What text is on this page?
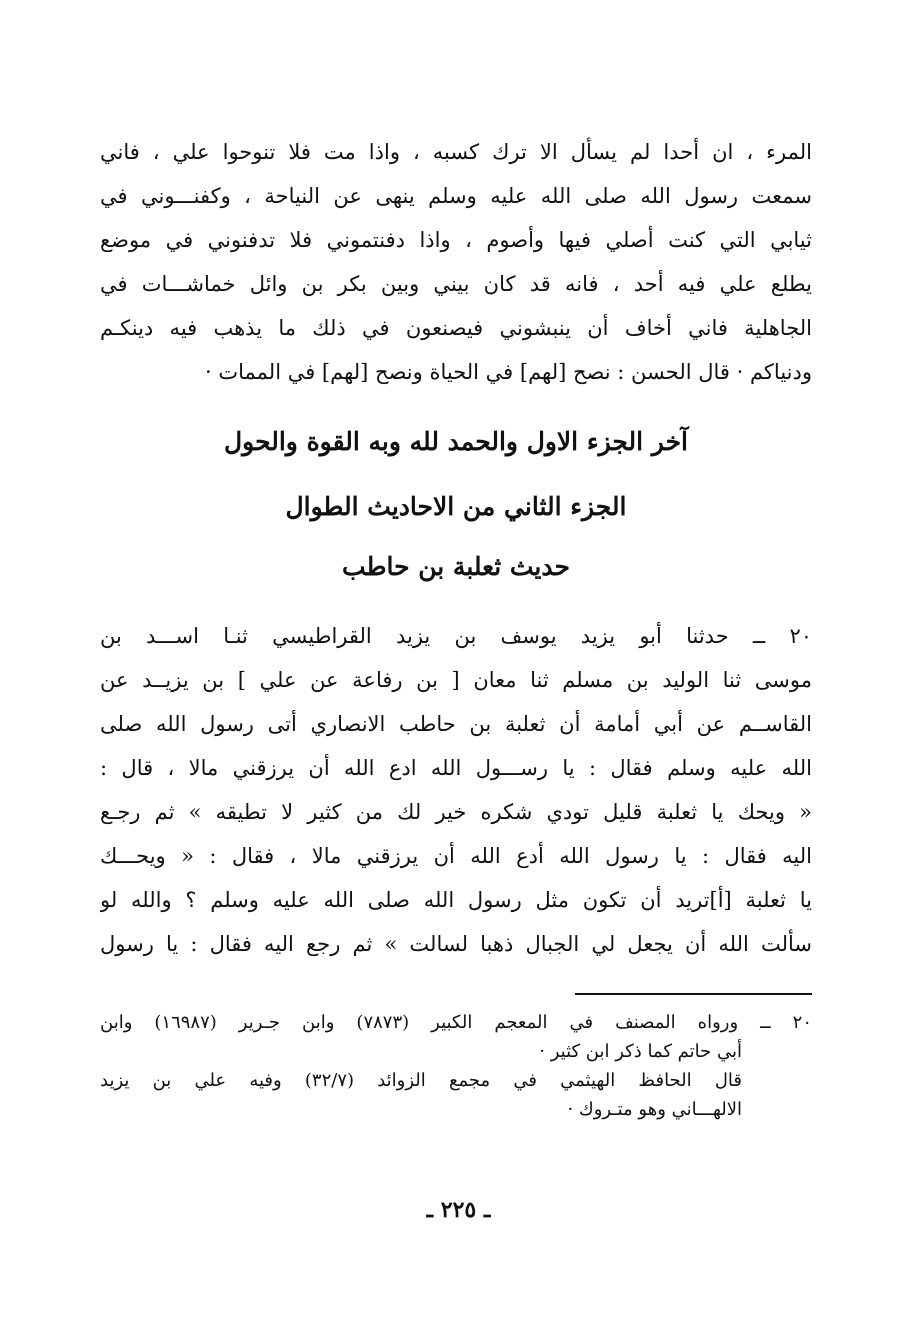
المرء ، ان أحدا لم يسأل الا ترك كسبه ، واذا مت فلا تنوحوا علي ، فاني
سمعت رسول الله صلى الله عليه وسلم ينهى عن النياحة ، وكفنـــوني في
ثيابي التي كنت أصلي فيها وأصوم ، واذا دفنتموني فلا تدفنوني في موضع
يطلع علي فيه أحد ، فانه قد كان بيني وبين بكر بن وائل خماشـــات في
الجاهلية فاني أخاف أن ينبشوني فيصنعون في ذلك ما يذهب فيه دينكـم
ودنياكم · قال الحسن : نصح [لهم] في الحياة ونصح [لهم] في الممات ·
آخر الجزء الاول والحمد لله وبه القوة والحول
الجزء الثاني من الاحاديث الطوال
حديث ثعلبة بن حاطب
٢٠ ــ حدثنا أبو يزيد يوسف بن يزيد القراطيسي ثنـا اســـد بن
موسى ثنا الوليد بن مسلم ثنا معان [ بن رفاعة عن علي ] بن يزيــد عن
القاســم عن أبي أمامة أن ثعلبة بن حاطب الانصاري أتى رسول الله صلى
الله عليه وسلم فقال : يا رســـول الله ادع الله أن يرزقني مالا ، قال :
« ويحك يا ثعلبة قليل تودي شكره خير لك من كثير لا تطيقه » ثم رجـع
اليه فقال : يا رسول الله أدع الله أن يرزقني مالا ، فقال : « ويحـــك
يا ثعلبة [أ]تريد أن تكون مثل رسول الله صلى الله عليه وسلم ؟ والله لو
سألت الله أن يجعل لي الجبال ذهبا لسالت » ثم رجع اليه فقال : يا رسول
٢٠ ــ ورواه المصنف في المعجم الكبير (٧٨٧٣) وابن جـرير (١٦٩٨٧) وابن
أبي حاتم كما ذكر ابن كثير ·
قال الحافظ الهيثمي في مجمع الزوائد (٣٢/٧) وفيه علي بن يزيد
الالهـــاني وهو متـروك ·
ـ ٢٢٥ ـ
